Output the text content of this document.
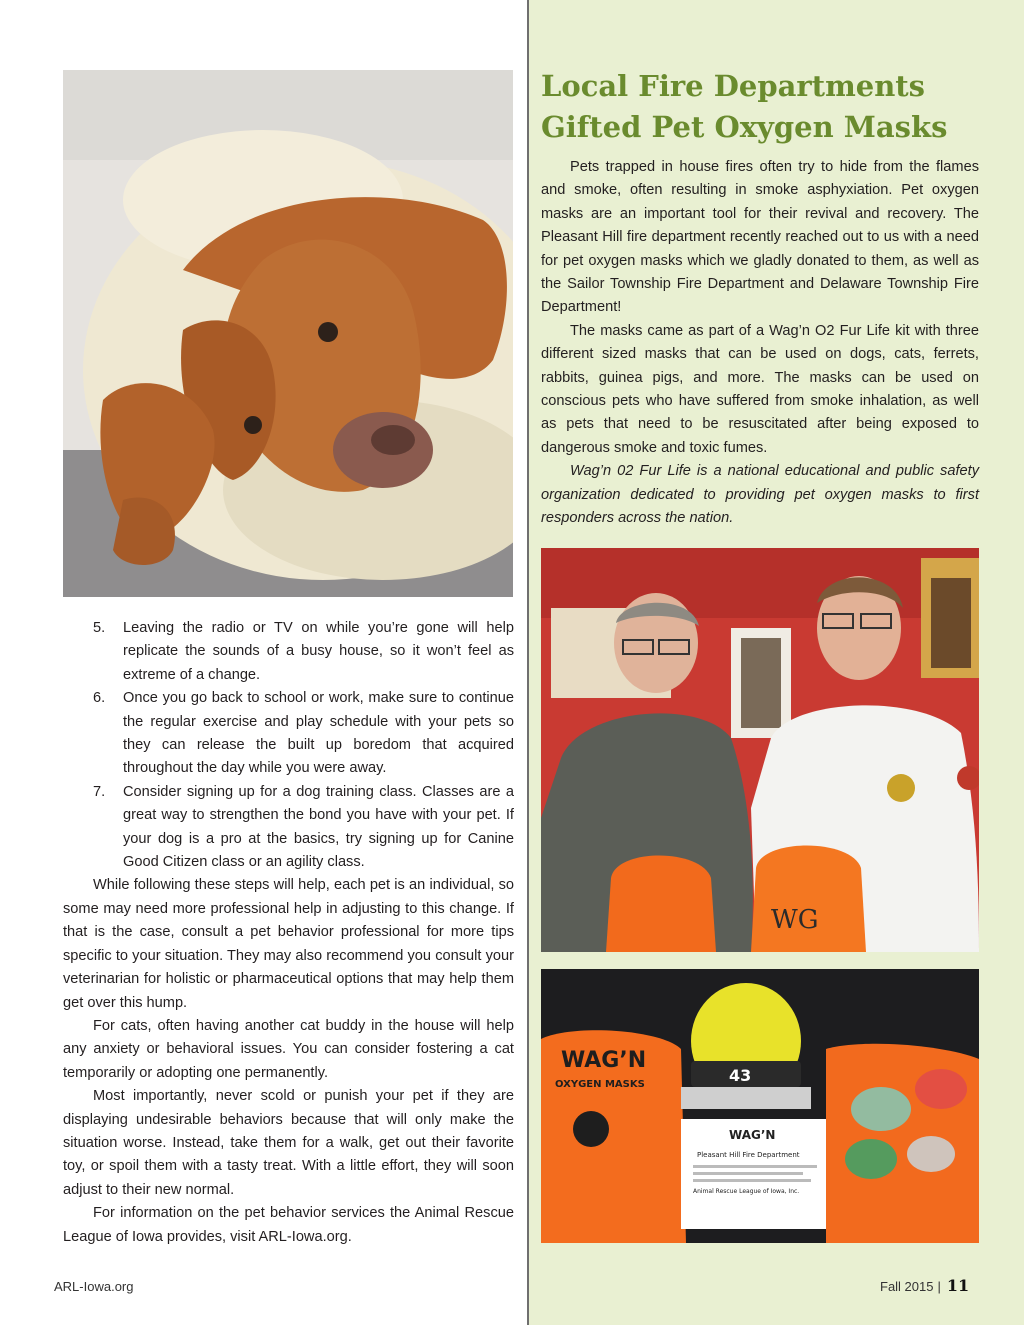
5. Leaving the radio or TV on while you’re gone will help replicate the sounds of a busy house, so it won’t feel as extreme of a change.
6. Once you go back to school or work, make sure to continue the regular exercise and play schedule with your pets so they can release the built up boredom that acquired throughout the day while you were away.
7. Consider signing up for a dog training class. Classes are a great way to strengthen the bond you have with your pet. If your dog is a pro at the basics, try signing up for Canine Good Citizen class or an agility class.

While following these steps will help, each pet is an individual, so some may need more professional help in adjusting to this change. If that is the case, consult a pet behavior professional for more tips specific to your situation. They may also recommend you consult your veterinarian for holistic or pharmaceutical options that may help them get over this hump.

For cats, often having another cat buddy in the house will help any anxiety or behavioral issues. You can consider fostering a cat temporarily or adopting one permanently.

Most importantly, never scold or punish your pet if they are displaying undesirable behaviors because that will only make the situation worse. Instead, take them for a walk, get out their favorite toy, or spoil them with a tasty treat. With a little effort, they will soon adjust to their new normal.

For information on the pet behavior services the Animal Rescue League of Iowa provides, visit ARL-Iowa.org.

Local Fire Departments
Gifted Pet Oxygen Masks

Pets trapped in house fires often try to hide from the flames and smoke, often resulting in smoke asphyxiation. Pet oxygen masks are an important tool for their revival and recovery. The Pleasant Hill fire department recently reached out to us with a need for pet oxygen masks which we gladly donated to them, as well as the Sailor Township Fire Department and Delaware Township Fire Department!

The masks came as part of a Wag’n O2 Fur Life kit with three different sized masks that can be used on dogs, cats, ferrets, rabbits, guinea pigs, and more. The masks can be used on conscious pets who have suffered from smoke inhalation, as well as pets that need to be resuscitated after being exposed to dangerous smoke and toxic fumes.

Wag’n 02 Fur Life is a national educational and public safety organization dedicated to providing pet oxygen masks to first responders across the nation.

WG
WAG’N
OXYGEN MASKS	43
WAG’N
Pleasant Hill Fire Department
Animal Rescue League of Iowa, Inc.
ARL-Iowa.org	Fall 2015 | 11
